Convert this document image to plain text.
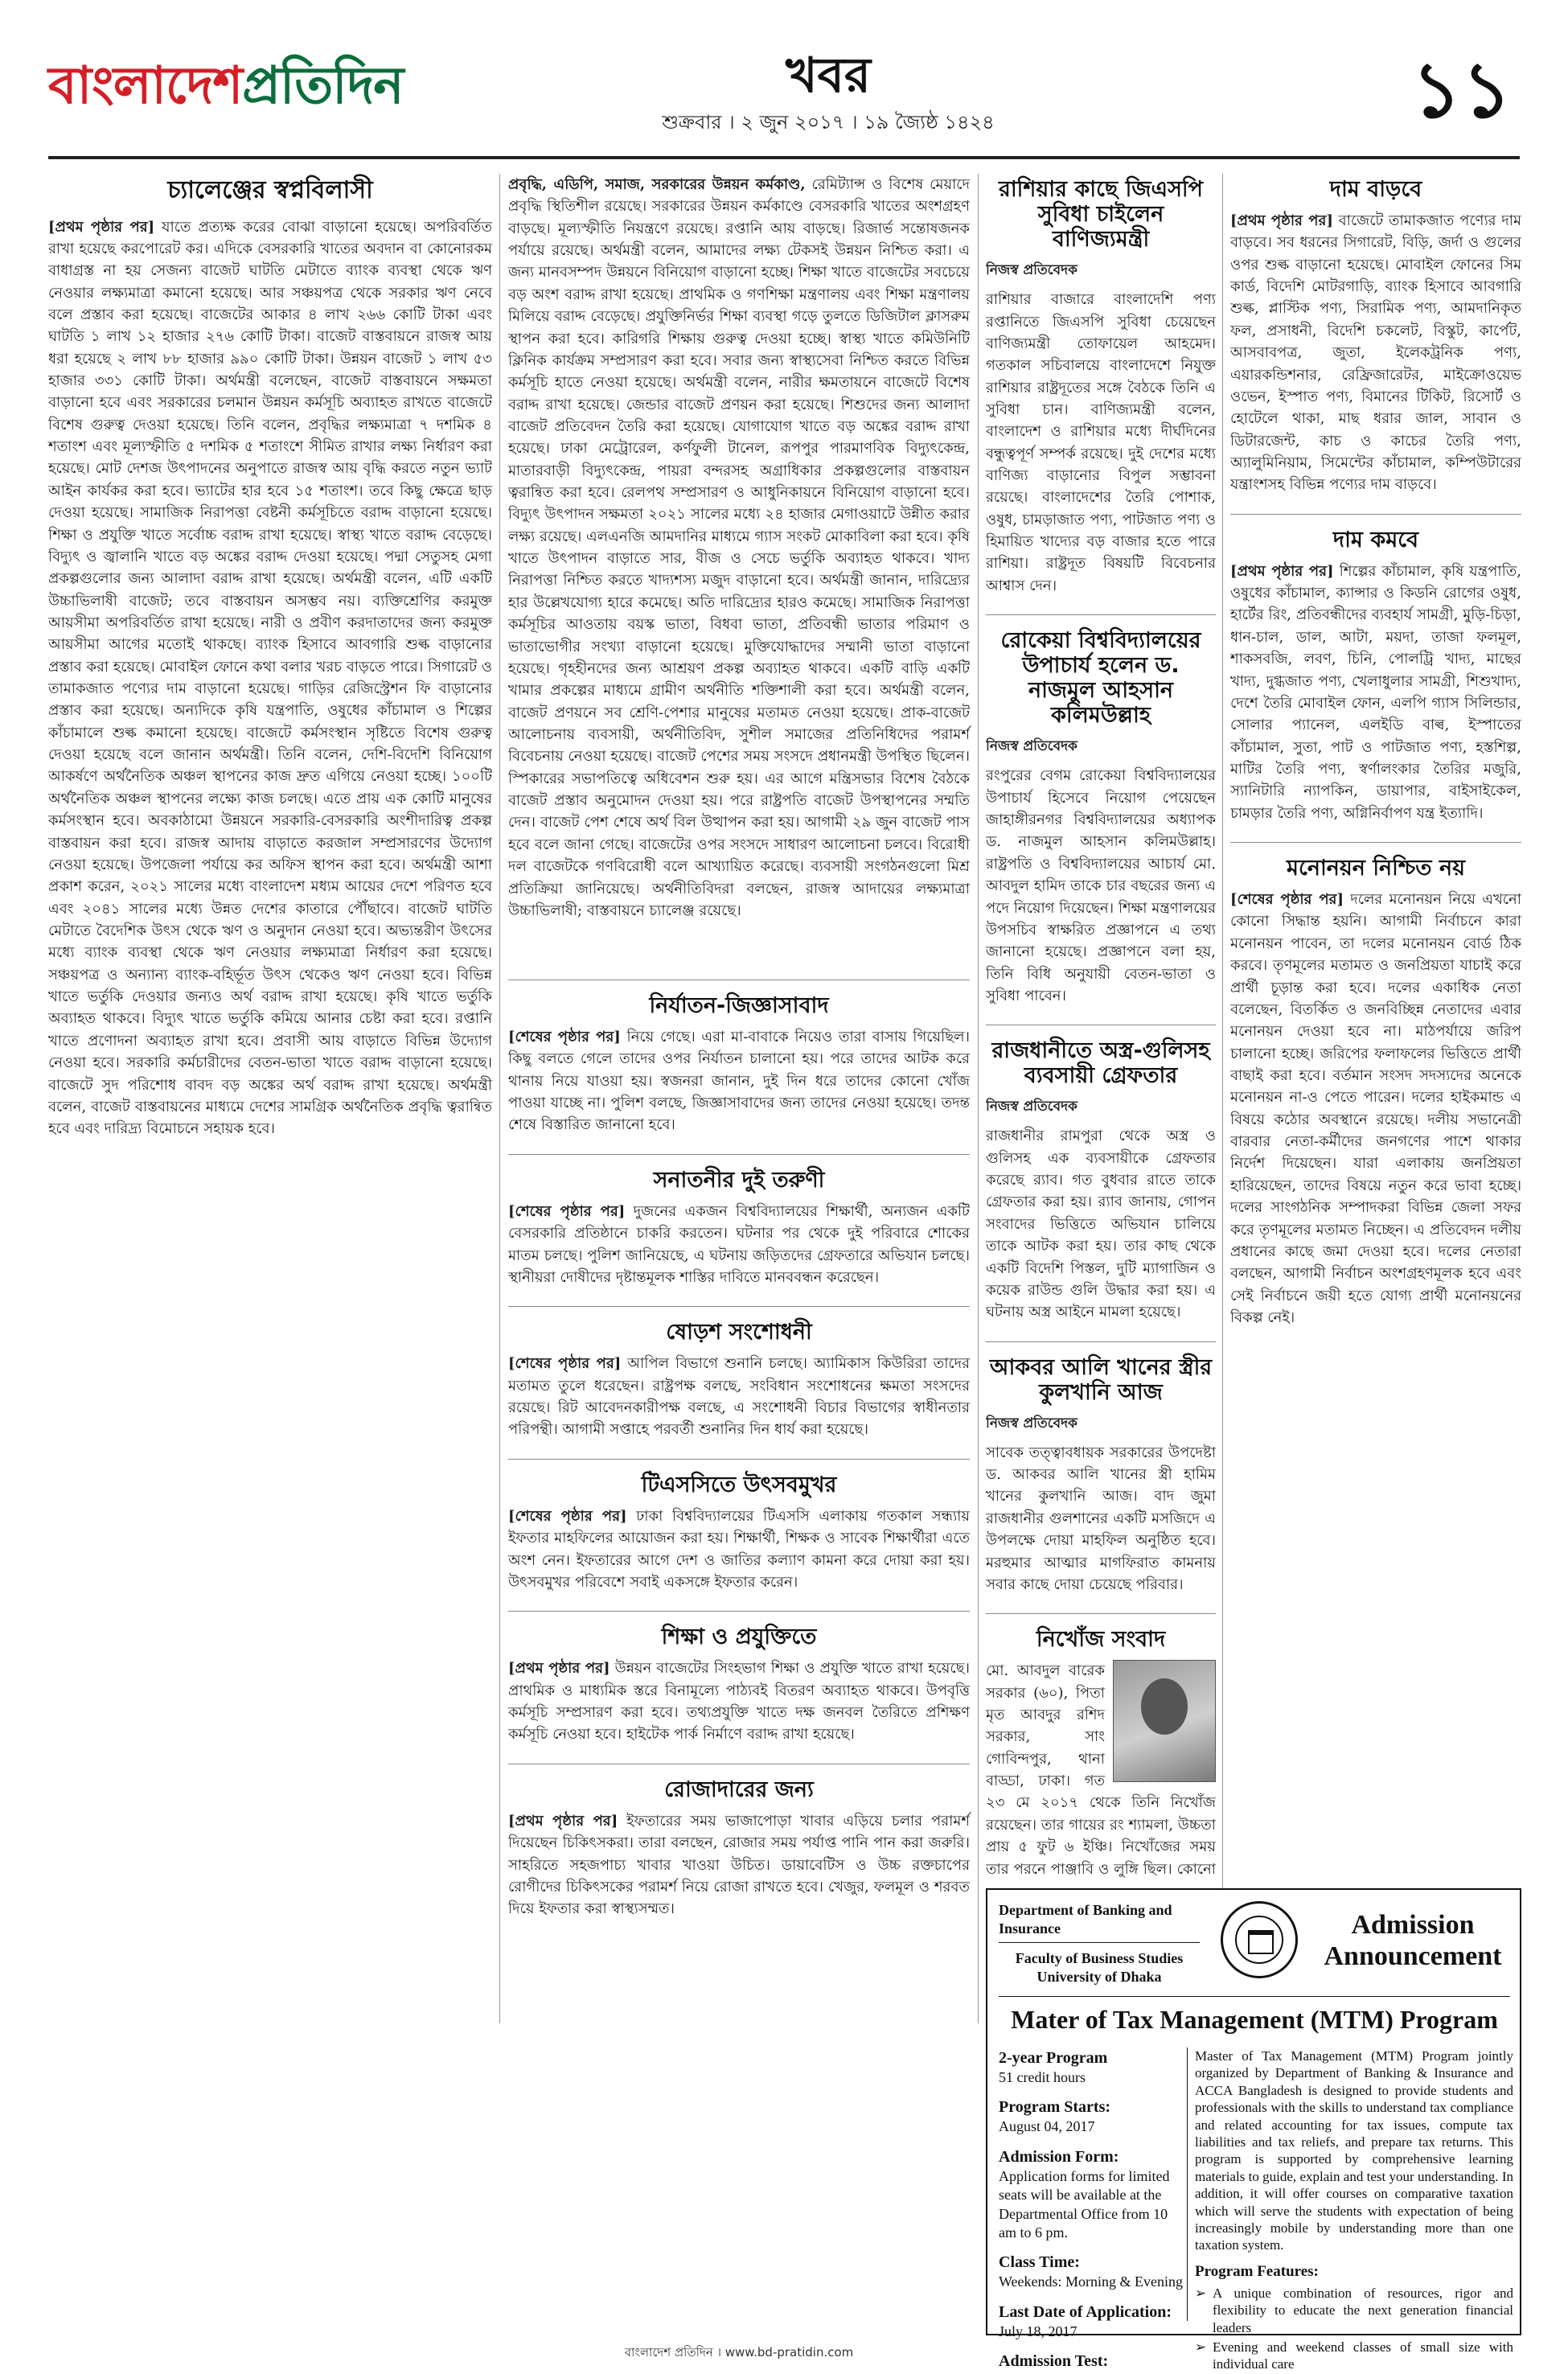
বাংলাদেশপ্রতিদিন	খবর
শুক্রবার । ২ জুন ২০১৭ । ১৯ জ্যৈষ্ঠ ১৪২৪	১১
চ্যালেঞ্জের স্বপ্নবিলাসী

[প্রথম পৃষ্ঠার পর] যাতে প্রত্যক্ষ করের বোঝা বাড়ানো হয়েছে। অপরিবর্তিত রাখা হয়েছে করপোরেট কর। এদিকে বেসরকারি খাতের অবদান বা কোনোরকম বাধাগ্রস্ত না হয় সেজন্য বাজেট ঘাটতি মেটাতে ব্যাংক ব্যবস্থা থেকে ঋণ নেওয়ার লক্ষ্যমাত্রা কমানো হয়েছে। আর সঞ্চয়পত্র থেকে সরকার ঋণ নেবে বলে প্রস্তাব করা হয়েছে। বাজেটের আকার ৪ লাখ ২৬৬ কোটি টাকা এবং ঘাটতি ১ লাখ ১২ হাজার ২৭৬ কোটি টাকা। বাজেট বাস্তবায়নে রাজস্ব আয় ধরা হয়েছে ২ লাখ ৮৮ হাজার ৯৯০ কোটি টাকা। উন্নয়ন বাজেট ১ লাখ ৫৩ হাজার ৩৩১ কোটি টাকা। অর্থমন্ত্রী বলেছেন, বাজেট বাস্তবায়নে সক্ষমতা বাড়ানো হবে এবং সরকারের চলমান উন্নয়ন কর্মসূচি অব্যাহত রাখতে বাজেটে বিশেষ গুরুত্ব দেওয়া হয়েছে। তিনি বলেন, প্রবৃদ্ধির লক্ষ্যমাত্রা ৭ দশমিক ৪ শতাংশ এবং মূল্যস্ফীতি ৫ দশমিক ৫ শতাংশে সীমিত রাখার লক্ষ্য নির্ধারণ করা হয়েছে। মোট দেশজ উৎপাদনের অনুপাতে রাজস্ব আয় বৃদ্ধি করতে নতুন ভ্যাট আইন কার্যকর করা হবে। ভ্যাটের হার হবে ১৫ শতাংশ। তবে কিছু ক্ষেত্রে ছাড় দেওয়া হয়েছে। সামাজিক নিরাপত্তা বেষ্টনী কর্মসূচিতে বরাদ্দ বাড়ানো হয়েছে। শিক্ষা ও প্রযুক্তি খাতে সর্বোচ্চ বরাদ্দ রাখা হয়েছে। স্বাস্থ্য খাতে বরাদ্দ বেড়েছে। বিদ্যুৎ ও জ্বালানি খাতে বড় অঙ্কের বরাদ্দ দেওয়া হয়েছে। পদ্মা সেতুসহ মেগা প্রকল্পগুলোর জন্য আলাদা বরাদ্দ রাখা হয়েছে। অর্থমন্ত্রী বলেন, এটি একটি উচ্চাভিলাষী বাজেট; তবে বাস্তবায়ন অসম্ভব নয়। ব্যক্তিশ্রেণির করমুক্ত আয়সীমা অপরিবর্তিত রাখা হয়েছে। নারী ও প্রবীণ করদাতাদের জন্য করমুক্ত আয়সীমা আগের মতোই থাকছে। ব্যাংক হিসাবে আবগারি শুল্ক বাড়ানোর প্রস্তাব করা হয়েছে। মোবাইল ফোনে কথা বলার খরচ বাড়তে পারে। সিগারেট ও তামাকজাত পণ্যের দাম বাড়ানো হয়েছে। গাড়ির রেজিস্ট্রেশন ফি বাড়ানোর প্রস্তাব করা হয়েছে। অন্যদিকে কৃষি যন্ত্রপাতি, ওষুধের কাঁচামাল ও শিল্পের কাঁচামালে শুল্ক কমানো হয়েছে। বাজেটে কর্মসংস্থান সৃষ্টিতে বিশেষ গুরুত্ব দেওয়া হয়েছে বলে জানান অর্থমন্ত্রী। তিনি বলেন, দেশি-বিদেশি বিনিয়োগ আকর্ষণে অর্থনৈতিক অঞ্চল স্থাপনের কাজ দ্রুত এগিয়ে নেওয়া হচ্ছে। ১০০টি অর্থনৈতিক অঞ্চল স্থাপনের লক্ষ্যে কাজ চলছে। এতে প্রায় এক কোটি মানুষের কর্মসংস্থান হবে। অবকাঠামো উন্নয়নে সরকারি-বেসরকারি অংশীদারিত্ব প্রকল্প বাস্তবায়ন করা হবে। রাজস্ব আদায় বাড়াতে করজাল সম্প্রসারণের উদ্যোগ নেওয়া হয়েছে। উপজেলা পর্যায়ে কর অফিস স্থাপন করা হবে। অর্থমন্ত্রী আশা প্রকাশ করেন, ২০২১ সালের মধ্যে বাংলাদেশ মধ্যম আয়ের দেশে পরিণত হবে এবং ২০৪১ সালের মধ্যে উন্নত দেশের কাতারে পৌঁছাবে। বাজেট ঘাটতি মেটাতে বৈদেশিক উৎস থেকে ঋণ ও অনুদান নেওয়া হবে। অভ্যন্তরীণ উৎসের মধ্যে ব্যাংক ব্যবস্থা থেকে ঋণ নেওয়ার লক্ষ্যমাত্রা নির্ধারণ করা হয়েছে। সঞ্চয়পত্র ও অন্যান্য ব্যাংক-বহির্ভূত উৎস থেকেও ঋণ নেওয়া হবে। বিভিন্ন খাতে ভর্তুকি দেওয়ার জন্যও অর্থ বরাদ্দ রাখা হয়েছে। কৃষি খাতে ভর্তুকি অব্যাহত থাকবে। বিদ্যুৎ খাতে ভর্তুকি কমিয়ে আনার চেষ্টা করা হবে। রপ্তানি খাতে প্রণোদনা অব্যাহত রাখা হবে। প্রবাসী আয় বাড়াতে বিভিন্ন উদ্যোগ নেওয়া হবে। সরকারি কর্মচারীদের বেতন-ভাতা খাতে বরাদ্দ বাড়ানো হয়েছে। বাজেটে সুদ পরিশোধ বাবদ বড় অঙ্কের অর্থ বরাদ্দ রাখা হয়েছে। অর্থমন্ত্রী বলেন, বাজেট বাস্তবায়নের মাধ্যমে দেশের সামগ্রিক অর্থনৈতিক প্রবৃদ্ধি ত্বরান্বিত হবে এবং দারিদ্র্য বিমোচনে সহায়ক হবে।

প্রবৃদ্ধি, এডিপি, সমাজ, সরকারের উন্নয়ন কর্মকাণ্ড, রেমিট্যান্স ও বিশেষ মেয়াদে প্রবৃদ্ধি স্থিতিশীল রয়েছে। সরকারের উন্নয়ন কর্মকাণ্ডে বেসরকারি খাতের অংশগ্রহণ বাড়ছে। মূল্যস্ফীতি নিয়ন্ত্রণে রয়েছে। রপ্তানি আয় বাড়ছে। রিজার্ভ সন্তোষজনক পর্যায়ে রয়েছে। অর্থমন্ত্রী বলেন, আমাদের লক্ষ্য টেকসই উন্নয়ন নিশ্চিত করা। এ জন্য মানবসম্পদ উন্নয়নে বিনিয়োগ বাড়ানো হচ্ছে। শিক্ষা খাতে বাজেটের সবচেয়ে বড় অংশ বরাদ্দ রাখা হয়েছে। প্রাথমিক ও গণশিক্ষা মন্ত্রণালয় এবং শিক্ষা মন্ত্রণালয় মিলিয়ে বরাদ্দ বেড়েছে। প্রযুক্তিনির্ভর শিক্ষা ব্যবস্থা গড়ে তুলতে ডিজিটাল ক্লাসরুম স্থাপন করা হবে। কারিগরি শিক্ষায় গুরুত্ব দেওয়া হচ্ছে। স্বাস্থ্য খাতে কমিউনিটি ক্লিনিক কার্যক্রম সম্প্রসারণ করা হবে। সবার জন্য স্বাস্থ্যসেবা নিশ্চিত করতে বিভিন্ন কর্মসূচি হাতে নেওয়া হয়েছে। অর্থমন্ত্রী বলেন, নারীর ক্ষমতায়নে বাজেটে বিশেষ বরাদ্দ রাখা হয়েছে। জেন্ডার বাজেট প্রণয়ন করা হয়েছে। শিশুদের জন্য আলাদা বাজেট প্রতিবেদন তৈরি করা হয়েছে। যোগাযোগ খাতে বড় অঙ্কের বরাদ্দ রাখা হয়েছে। ঢাকা মেট্রোরেল, কর্ণফুলী টানেল, রূপপুর পারমাণবিক বিদ্যুৎকেন্দ্র, মাতারবাড়ী বিদ্যুৎকেন্দ্র, পায়রা বন্দরসহ অগ্রাধিকার প্রকল্পগুলোর বাস্তবায়ন ত্বরান্বিত করা হবে। রেলপথ সম্প্রসারণ ও আধুনিকায়নে বিনিয়োগ বাড়ানো হবে। বিদ্যুৎ উৎপাদন সক্ষমতা ২০২১ সালের মধ্যে ২৪ হাজার মেগাওয়াটে উন্নীত করার লক্ষ্য রয়েছে। এলএনজি আমদানির মাধ্যমে গ্যাস সংকট মোকাবিলা করা হবে। কৃষি খাতে উৎপাদন বাড়াতে সার, বীজ ও সেচে ভর্তুকি অব্যাহত থাকবে। খাদ্য নিরাপত্তা নিশ্চিত করতে খাদ্যশস্য মজুদ বাড়ানো হবে। অর্থমন্ত্রী জানান, দারিদ্র্যের হার উল্লেখযোগ্য হারে কমেছে। অতি দারিদ্র্যের হারও কমেছে। সামাজিক নিরাপত্তা কর্মসূচির আওতায় বয়স্ক ভাতা, বিধবা ভাতা, প্রতিবন্ধী ভাতার পরিমাণ ও ভাতাভোগীর সংখ্যা বাড়ানো হয়েছে। মুক্তিযোদ্ধাদের সম্মানী ভাতা বাড়ানো হয়েছে। গৃহহীনদের জন্য আশ্রয়ণ প্রকল্প অব্যাহত থাকবে। একটি বাড়ি একটি খামার প্রকল্পের মাধ্যমে গ্রামীণ অর্থনীতি শক্তিশালী করা হবে। অর্থমন্ত্রী বলেন, বাজেট প্রণয়নে সব শ্রেণি-পেশার মানুষের মতামত নেওয়া হয়েছে। প্রাক-বাজেট আলোচনায় ব্যবসায়ী, অর্থনীতিবিদ, সুশীল সমাজের প্রতিনিধিদের পরামর্শ বিবেচনায় নেওয়া হয়েছে। বাজেট পেশের সময় সংসদে প্রধানমন্ত্রী উপস্থিত ছিলেন। স্পিকারের সভাপতিত্বে অধিবেশন শুরু হয়। এর আগে মন্ত্রিসভার বিশেষ বৈঠকে বাজেট প্রস্তাব অনুমোদন দেওয়া হয়। পরে রাষ্ট্রপতি বাজেট উপস্থাপনের সম্মতি দেন। বাজেট পেশ শেষে অর্থ বিল উত্থাপন করা হয়। আগামী ২৯ জুন বাজেট পাস হবে বলে জানা গেছে। বাজেটের ওপর সংসদে সাধারণ আলোচনা চলবে। বিরোধী দল বাজেটকে গণবিরোধী বলে আখ্যায়িত করেছে। ব্যবসায়ী সংগঠনগুলো মিশ্র প্রতিক্রিয়া জানিয়েছে। অর্থনীতিবিদরা বলছেন, রাজস্ব আদায়ের লক্ষ্যমাত্রা উচ্চাভিলাষী; বাস্তবায়নে চ্যালেঞ্জ রয়েছে।

নির্যাতন-জিজ্ঞাসাবাদ

[শেষের পৃষ্ঠার পর] নিয়ে গেছে। এরা মা-বাবাকে নিয়েও তারা বাসায় গিয়েছিল। কিছু বলতে গেলে তাদের ওপর নির্যাতন চালানো হয়। পরে তাদের আটক করে থানায় নিয়ে যাওয়া হয়। স্বজনরা জানান, দুই দিন ধরে তাদের কোনো খোঁজ পাওয়া যাচ্ছে না। পুলিশ বলছে, জিজ্ঞাসাবাদের জন্য তাদের নেওয়া হয়েছে। তদন্ত শেষে বিস্তারিত জানানো হবে।

সনাতনীর দুই তরুণী

[শেষের পৃষ্ঠার পর] দুজনের একজন বিশ্ববিদ্যালয়ের শিক্ষার্থী, অন্যজন একটি বেসরকারি প্রতিষ্ঠানে চাকরি করতেন। ঘটনার পর থেকে দুই পরিবারে শোকের মাতম চলছে। পুলিশ জানিয়েছে, এ ঘটনায় জড়িতদের গ্রেফতারে অভিযান চলছে। স্থানীয়রা দোষীদের দৃষ্টান্তমূলক শাস্তির দাবিতে মানববন্ধন করেছেন।

ষোড়শ সংশোধনী

[শেষের পৃষ্ঠার পর] আপিল বিভাগে শুনানি চলছে। অ্যামিকাস কিউরিরা তাদের মতামত তুলে ধরেছেন। রাষ্ট্রপক্ষ বলছে, সংবিধান সংশোধনের ক্ষমতা সংসদের রয়েছে। রিট আবেদনকারীপক্ষ বলছে, এ সংশোধনী বিচার বিভাগের স্বাধীনতার পরিপন্থী। আগামী সপ্তাহে পরবর্তী শুনানির দিন ধার্য করা হয়েছে।

টিএসসিতে উৎসবমুখর

[শেষের পৃষ্ঠার পর] ঢাকা বিশ্ববিদ্যালয়ের টিএসসি এলাকায় গতকাল সন্ধ্যায় ইফতার মাহফিলের আয়োজন করা হয়। শিক্ষার্থী, শিক্ষক ও সাবেক শিক্ষার্থীরা এতে অংশ নেন। ইফতারের আগে দেশ ও জাতির কল্যাণ কামনা করে দোয়া করা হয়। উৎসবমুখর পরিবেশে সবাই একসঙ্গে ইফতার করেন।

শিক্ষা ও প্রযুক্তিতে

[প্রথম পৃষ্ঠার পর] উন্নয়ন বাজেটের সিংহভাগ শিক্ষা ও প্রযুক্তি খাতে রাখা হয়েছে। প্রাথমিক ও মাধ্যমিক স্তরে বিনামূল্যে পাঠ্যবই বিতরণ অব্যাহত থাকবে। উপবৃত্তি কর্মসূচি সম্প্রসারণ করা হবে। তথ্যপ্রযুক্তি খাতে দক্ষ জনবল তৈরিতে প্রশিক্ষণ কর্মসূচি নেওয়া হবে। হাইটেক পার্ক নির্মাণে বরাদ্দ রাখা হয়েছে।

রোজাদারের জন্য

[প্রথম পৃষ্ঠার পর] ইফতারের সময় ভাজাপোড়া খাবার এড়িয়ে চলার পরামর্শ দিয়েছেন চিকিৎসকরা। তারা বলছেন, রোজার সময় পর্যাপ্ত পানি পান করা জরুরি। সাহরিতে সহজপাচ্য খাবার খাওয়া উচিত। ডায়াবেটিস ও উচ্চ রক্তচাপের রোগীদের চিকিৎসকের পরামর্শ নিয়ে রোজা রাখতে হবে। খেজুর, ফলমূল ও শরবত দিয়ে ইফতার করা স্বাস্থ্যসম্মত।

রাশিয়ার কাছে জিএসপি সুবিধা চাইলেন বাণিজ্যমন্ত্রী
নিজস্ব প্রতিবেদক
রাশিয়ার বাজারে বাংলাদেশি পণ্য রপ্তানিতে জিএসপি সুবিধা চেয়েছেন বাণিজ্যমন্ত্রী তোফায়েল আহমেদ। গতকাল সচিবালয়ে বাংলাদেশে নিযুক্ত রাশিয়ার রাষ্ট্রদূতের সঙ্গে বৈঠকে তিনি এ সুবিধা চান। বাণিজ্যমন্ত্রী বলেন, বাংলাদেশ ও রাশিয়ার মধ্যে দীর্ঘদিনের বন্ধুত্বপূর্ণ সম্পর্ক রয়েছে। দুই দেশের মধ্যে বাণিজ্য বাড়ানোর বিপুল সম্ভাবনা রয়েছে। বাংলাদেশের তৈরি পোশাক, ওষুধ, চামড়াজাত পণ্য, পাটজাত পণ্য ও হিমায়িত খাদ্যের বড় বাজার হতে পারে রাশিয়া। রাষ্ট্রদূত বিষয়টি বিবেচনার আশ্বাস দেন।
রোকেয়া বিশ্ববিদ্যালয়ের উপাচার্য হলেন ড. নাজমুল আহসান কলিমউল্লাহ
নিজস্ব প্রতিবেদক
রংপুরের বেগম রোকেয়া বিশ্ববিদ্যালয়ের উপাচার্য হিসেবে নিয়োগ পেয়েছেন জাহাঙ্গীরনগর বিশ্ববিদ্যালয়ের অধ্যাপক ড. নাজমুল আহসান কলিমউল্লাহ। রাষ্ট্রপতি ও বিশ্ববিদ্যালয়ের আচার্য মো. আবদুল হামিদ তাকে চার বছরের জন্য এ পদে নিয়োগ দিয়েছেন। শিক্ষা মন্ত্রণালয়ের উপসচিব স্বাক্ষরিত প্রজ্ঞাপনে এ তথ্য জানানো হয়েছে। প্রজ্ঞাপনে বলা হয়, তিনি বিধি অনুযায়ী বেতন-ভাতা ও সুবিধা পাবেন।
রাজধানীতে অস্ত্র-গুলিসহ ব্যবসায়ী গ্রেফতার
নিজস্ব প্রতিবেদক
রাজধানীর রামপুরা থেকে অস্ত্র ও গুলিসহ এক ব্যবসায়ীকে গ্রেফতার করেছে র‍্যাব। গত বুধবার রাতে তাকে গ্রেফতার করা হয়। র‍্যাব জানায়, গোপন সংবাদের ভিত্তিতে অভিযান চালিয়ে তাকে আটক করা হয়। তার কাছ থেকে একটি বিদেশি পিস্তল, দুটি ম্যাগাজিন ও কয়েক রাউন্ড গুলি উদ্ধার করা হয়। এ ঘটনায় অস্ত্র আইনে মামলা হয়েছে।
আকবর আলি খানের স্ত্রীর কুলখানি আজ
নিজস্ব প্রতিবেদক
সাবেক তত্ত্বাবধায়ক সরকারের উপদেষ্টা ড. আকবর আলি খানের স্ত্রী হামিম খানের কুলখানি আজ। বাদ জুমা রাজধানীর গুলশানের একটি মসজিদে এ উপলক্ষে দোয়া মাহফিল অনুষ্ঠিত হবে। মরহুমার আত্মার মাগফিরাত কামনায় সবার কাছে দোয়া চেয়েছে পরিবার।
নিখোঁজ সংবাদ
মো. আবদুল বারেক সরকার (৬০), পিতা মৃত আবদুর রশিদ সরকার, সাং গোবিন্দপুর, থানা বাড্ডা, ঢাকা। গত ২৩ মে ২০১৭ থেকে তিনি নিখোঁজ রয়েছেন। তার গায়ের রং শ্যামলা, উচ্চতা প্রায় ৫ ফুট ৬ ইঞ্চি। নিখোঁজের সময় তার পরনে পাঞ্জাবি ও লুঙ্গি ছিল। কোনো
দাম বাড়বে

[প্রথম পৃষ্ঠার পর] বাজেটে তামাকজাত পণ্যের দাম বাড়বে। সব ধরনের সিগারেট, বিড়ি, জর্দা ও গুলের ওপর শুল্ক বাড়ানো হয়েছে। মোবাইল ফোনের সিম কার্ড, বিদেশি মোটরগাড়ি, ব্যাংক হিসাবে আবগারি শুল্ক, প্লাস্টিক পণ্য, সিরামিক পণ্য, আমদানিকৃত ফল, প্রসাধনী, বিদেশি চকলেট, বিস্কুট, কার্পেট, আসবাবপত্র, জুতা, ইলেকট্রনিক পণ্য, এয়ারকন্ডিশনার, রেফ্রিজারেটর, মাইক্রোওয়েভ ওভেন, ইস্পাত পণ্য, বিমানের টিকিট, রিসোর্ট ও হোটেলে থাকা, মাছ ধরার জাল, সাবান ও ডিটারজেন্ট, কাচ ও কাচের তৈরি পণ্য, অ্যালুমিনিয়াম, সিমেন্টের কাঁচামাল, কম্পিউটারের যন্ত্রাংশসহ বিভিন্ন পণ্যের দাম বাড়বে।

দাম কমবে

[প্রথম পৃষ্ঠার পর] শিল্পের কাঁচামাল, কৃষি যন্ত্রপাতি, ওষুধের কাঁচামাল, ক্যান্সার ও কিডনি রোগের ওষুধ, হার্টের রিং, প্রতিবন্ধীদের ব্যবহার্য সামগ্রী, মুড়ি-চিড়া, ধান-চাল, ডাল, আটা, ময়দা, তাজা ফলমূল, শাকসবজি, লবণ, চিনি, পোলট্রি খাদ্য, মাছের খাদ্য, দুগ্ধজাত পণ্য, খেলাধুলার সামগ্রী, শিশুখাদ্য, দেশে তৈরি মোবাইল ফোন, এলপি গ্যাস সিলিন্ডার, সোলার প্যানেল, এলইডি বাল্ব, ইস্পাতের কাঁচামাল, সুতা, পাট ও পাটজাত পণ্য, হস্তশিল্প, মাটির তৈরি পণ্য, স্বর্ণালংকার তৈরির মজুরি, স্যানিটারি ন্যাপকিন, ডায়াপার, বাইসাইকেল, চামড়ার তৈরি পণ্য, অগ্নিনির্বাপণ যন্ত্র ইত্যাদি।

মনোনয়ন নিশ্চিত নয়

[শেষের পৃষ্ঠার পর] দলের মনোনয়ন নিয়ে এখনো কোনো সিদ্ধান্ত হয়নি। আগামী নির্বাচনে কারা মনোনয়ন পাবেন, তা দলের মনোনয়ন বোর্ড ঠিক করবে। তৃণমূলের মতামত ও জনপ্রিয়তা যাচাই করে প্রার্থী চূড়ান্ত করা হবে। দলের একাধিক নেতা বলেছেন, বিতর্কিত ও জনবিচ্ছিন্ন নেতাদের এবার মনোনয়ন দেওয়া হবে না। মাঠপর্যায়ে জরিপ চালানো হচ্ছে। জরিপের ফলাফলের ভিত্তিতে প্রার্থী বাছাই করা হবে। বর্তমান সংসদ সদস্যদের অনেকে মনোনয়ন না-ও পেতে পারেন। দলের হাইকমান্ড এ বিষয়ে কঠোর অবস্থানে রয়েছে। দলীয় সভানেত্রী বারবার নেতা-কর্মীদের জনগণের পাশে থাকার নির্দেশ দিয়েছেন। যারা এলাকায় জনপ্রিয়তা হারিয়েছেন, তাদের বিষয়ে নতুন করে ভাবা হচ্ছে। দলের সাংগঠনিক সম্পাদকরা বিভিন্ন জেলা সফর করে তৃণমূলের মতামত নিচ্ছেন। এ প্রতিবেদন দলীয় প্রধানের কাছে জমা দেওয়া হবে। দলের নেতারা বলছেন, আগামী নির্বাচন অংশগ্রহণমূলক হবে এবং সেই নির্বাচনে জয়ী হতে যোগ্য প্রার্থী মনোনয়নের বিকল্প নেই।

Department of Banking and Insurance
Faculty of Business Studies
University of Dhaka
Admission
Announcement
Mater of Tax Management (MTM) Program
2-year Program
51 credit hours
Program Starts:
August 04, 2017
Admission Form:
Application forms for limited seats will be available at the Departmental Office from 10 am to 6 pm.
Class Time:
Weekends: Morning & Evening
Last Date of Application:
July 18, 2017
Admission Test:
Master of Tax Management (MTM) Program jointly organized by Department of Banking & Insurance and ACCA Bangladesh is designed to provide students and professionals with the skills to understand tax compliance and related accounting for tax issues, compute tax liabilities and tax reliefs, and prepare tax returns. This program is supported by comprehensive learning materials to guide, explain and test your understanding. In addition, it will offer courses on comparative taxation which will serve the students with expectation of being increasingly mobile by understanding more than one taxation system.
Program Features:
➢ A unique combination of resources, rigor and flexibility to educate the next generation financial leaders
➢ Evening and weekend classes of small size with individual care
বাংলাদেশ প্রতিদিন । www.bd-pratidin.com
